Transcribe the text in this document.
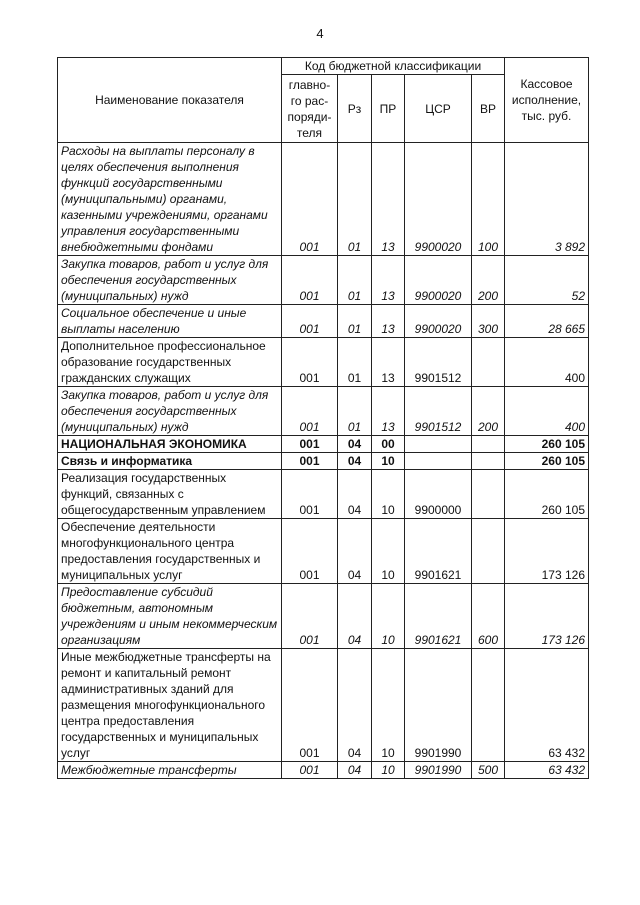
4
Наименование показателя	Код бюджетной классификации					Кассовое исполнение, тыс. руб.
	главно-го рас-поряди-теля	Рз	ПР	ЦСР	ВР	
Расходы на выплаты персоналу в целях обеспечения выполнения функций государственными (муниципальными) органами, казенными учреждениями, органами управления государственными внебюджетными фондами	001	01	13	9900020	100	3 892
Закупка товаров, работ и услуг для обеспечения государственных (муниципальных) нужд	001	01	13	9900020	200	52
Социальное обеспечение и иные выплаты населению	001	01	13	9900020	300	28 665
Дополнительное профессиональное образование государственных гражданских служащих	001	01	13	9901512		400
Закупка товаров, работ и услуг для обеспечения государственных (муниципальных) нужд	001	01	13	9901512	200	400
НАЦИОНАЛЬНАЯ ЭКОНОМИКА	001	04	00			260 105
Связь и информатика	001	04	10			260 105
Реализация государственных функций, связанных с общегосударственным управлением	001	04	10	9900000		260 105
Обеспечение деятельности многофункционального центра предоставления государственных и муниципальных услуг	001	04	10	9901621		173 126
Предоставление субсидий бюджетным, автономным учреждениям и иным некоммерческим организациям	001	04	10	9901621	600	173 126
Иные межбюджетные трансферты на ремонт и капитальный ремонт административных зданий для размещения многофункционального центра предоставления государственных и муниципальных услуг	001	04	10	9901990		63 432
Межбюджетные трансферты	001	04	10	9901990	500	63 432
